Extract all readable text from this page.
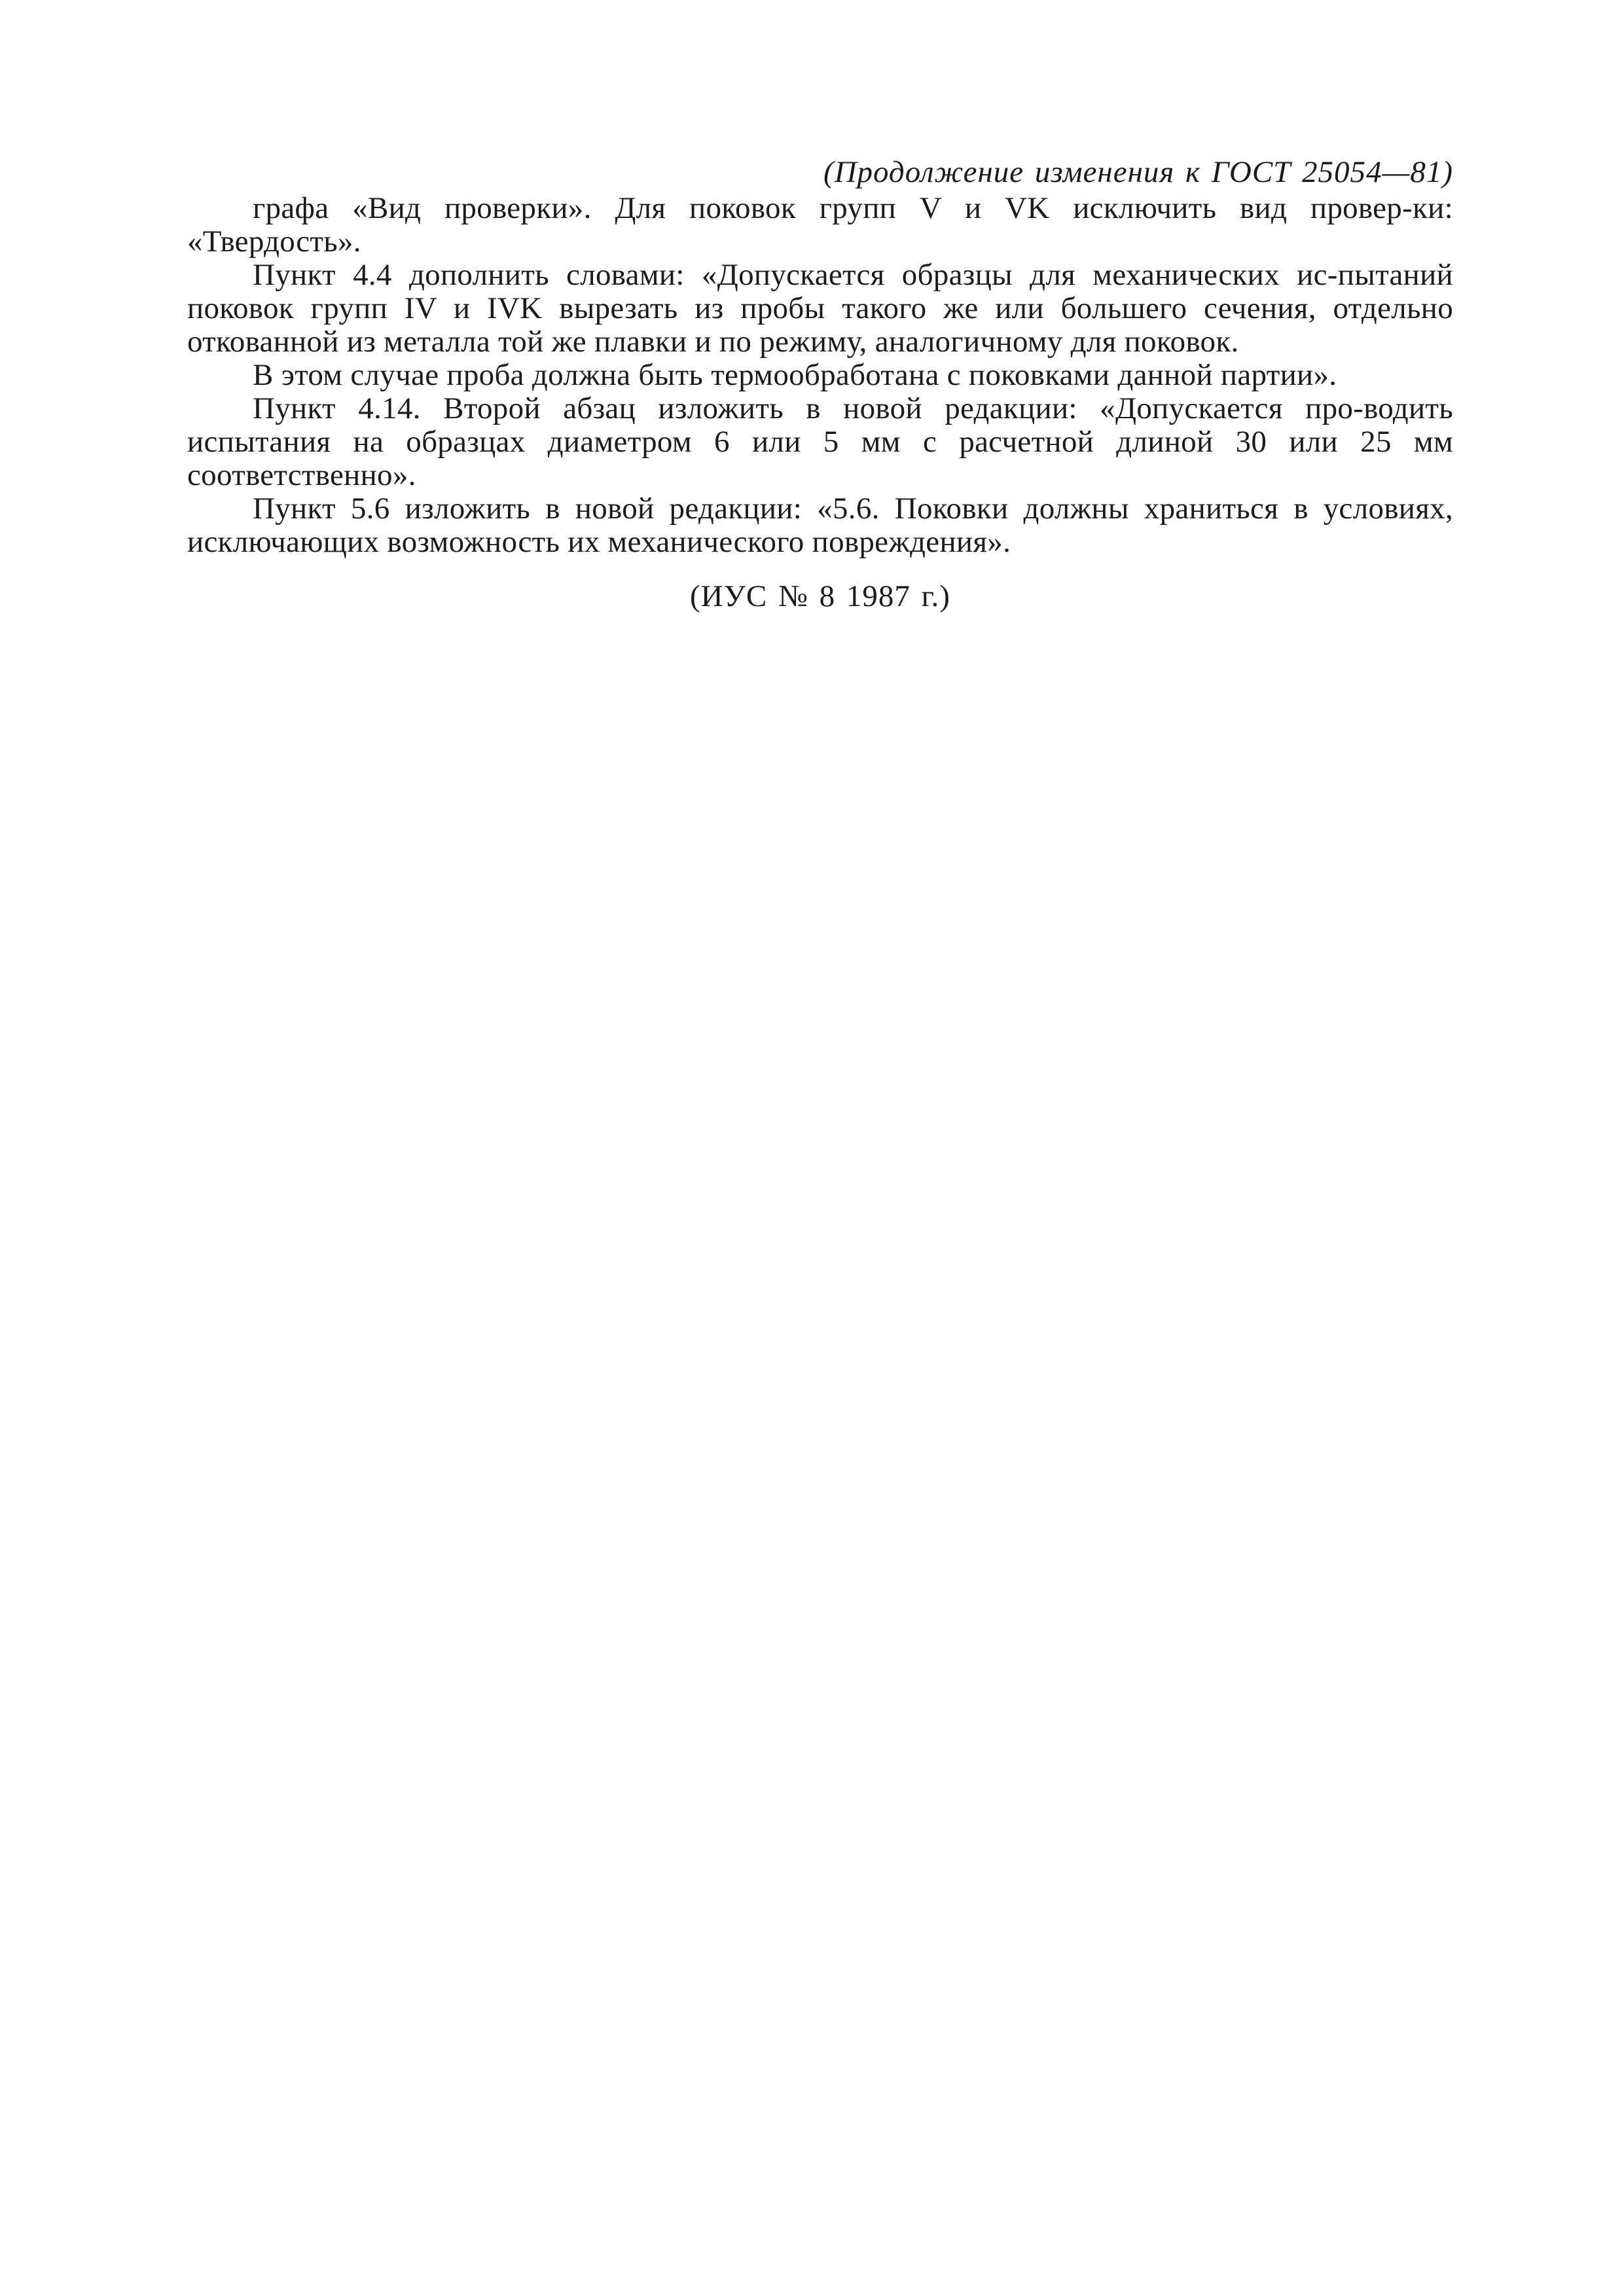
(Продолжение изменения к ГОСТ 25054—81)

графа «Вид проверки». Для поковок групп V и VK исключить вид провер-ки: «Твердость».

Пункт 4.4 дополнить словами: «Допускается образцы для механических ис-пытаний поковок групп IV и IVK вырезать из пробы такого же или большего сечения, отдельно откованной из металла той же плавки и по режиму, аналогичному для поковок.

В этом случае проба должна быть термообработана с поковками данной партии».

Пункт 4.14. Второй абзац изложить в новой редакции: «Допускается про-водить испытания на образцах диаметром 6 или 5 мм с расчетной длиной 30 или 25 мм соответственно».

Пункт 5.6 изложить в новой редакции: «5.6. Поковки должны храниться в условиях, исключающих возможность их механического повреждения».

(ИУС № 8 1987 г.)
